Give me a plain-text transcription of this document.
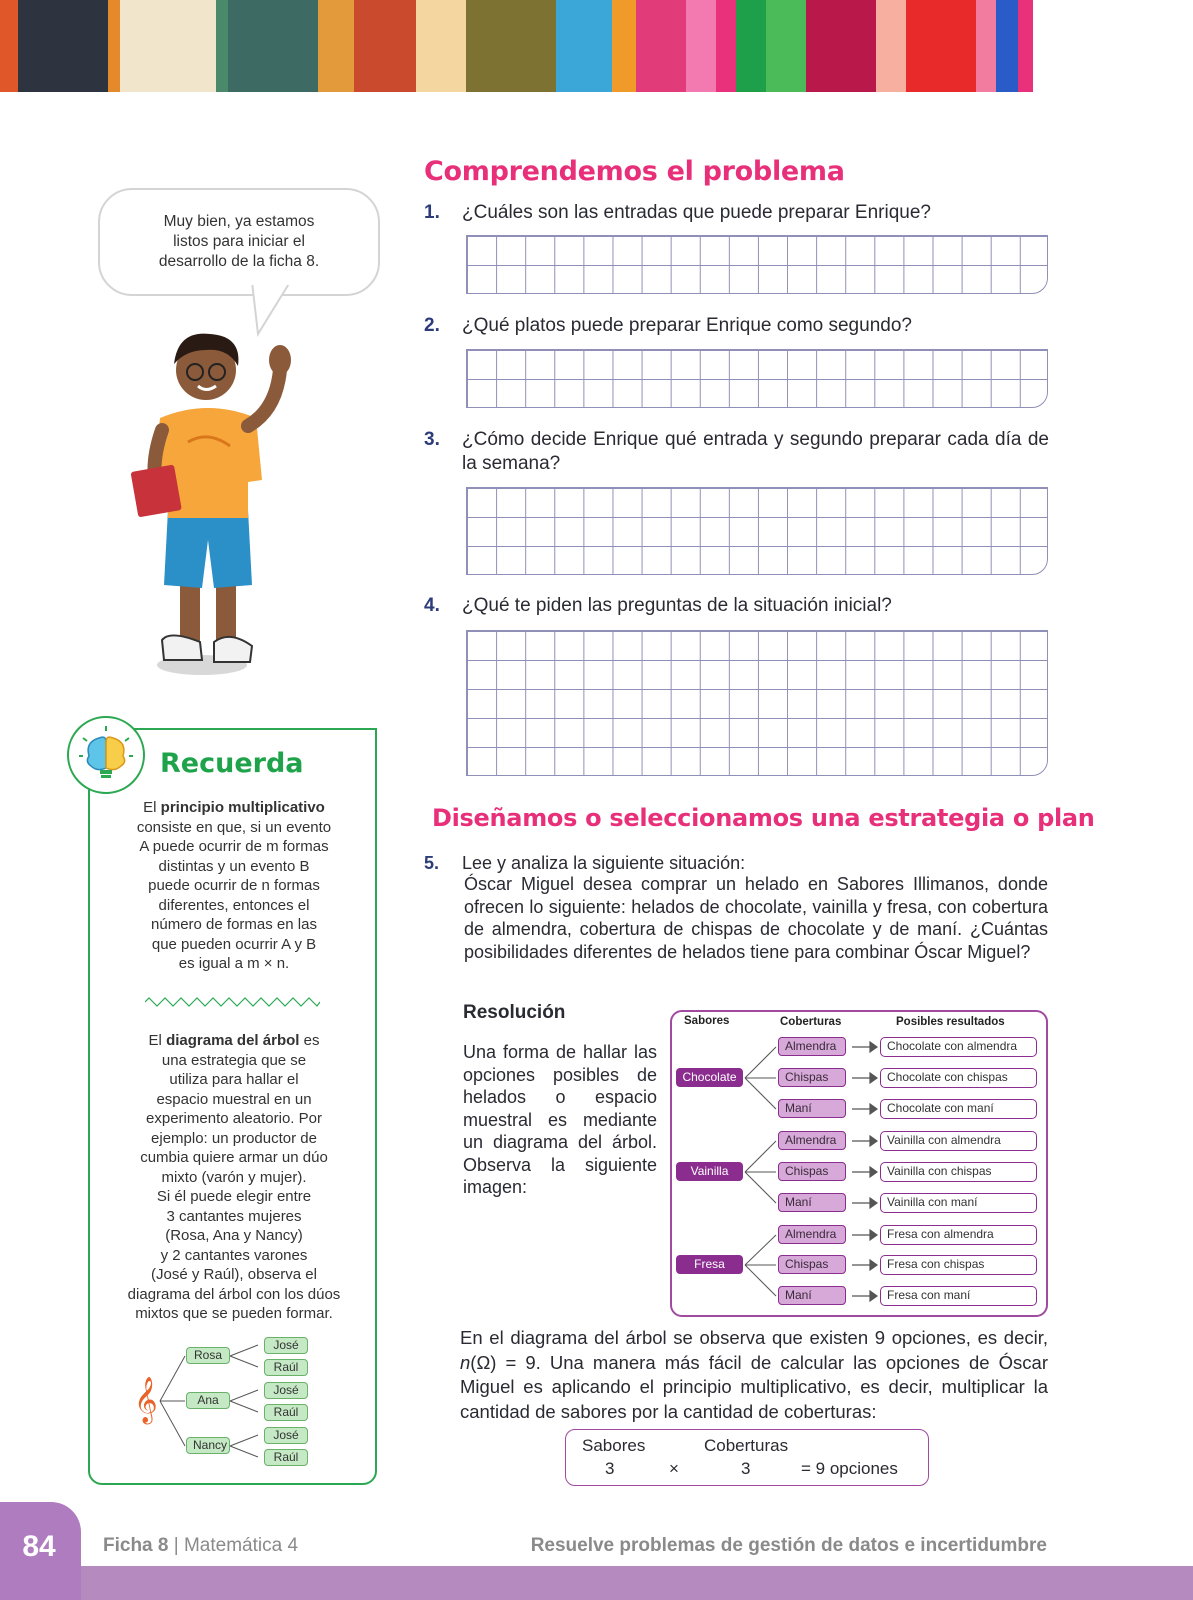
Muy bien, ya estamos
listos para iniciar el
desarrollo de la ficha 8.
Recuerda
El principio multiplicativo
consiste en que, si un evento
A puede ocurrir de m formas
distintas y un evento B
puede ocurrir de n formas
diferentes, entonces el
número de formas en las
que pueden ocurrir A y B
es igual a m × n.
El diagrama del árbol es
una estrategia que se
utiliza para hallar el
espacio muestral en un
experimento aleatorio. Por
ejemplo: un productor de
cumbia quiere armar un dúo
mixto (varón y mujer).
Si él puede elegir entre
3 cantantes mujeres
(Rosa, Ana y Nancy)
y 2 cantantes varones
(José y Raúl), observa el
diagrama del árbol con los dúos
mixtos que se pueden formar.
𝄞
Rosa
Ana
Nancy
José
Raúl
José
Raúl
José
Raúl
Comprendemos el problema
1. ¿Cuáles son las entradas que puede preparar Enrique?
2. ¿Qué platos puede preparar Enrique como segundo?
3. ¿Cómo decide Enrique qué entrada y segundo preparar cada día de la semana?
4. ¿Qué te piden las preguntas de la situación inicial?
Diseñamos o seleccionamos una estrategia o plan
5. Lee y analiza la siguiente situación:
Óscar Miguel desea comprar un helado en Sabores Illimanos, donde ofrecen lo siguiente: helados de chocolate, vainilla y fresa, con cobertura de almendra, cobertura de chispas de chocolate y de maní. ¿Cuántas posibilidades diferentes de helados tiene para combinar Óscar Miguel?
Resolución
Una forma de hallar las opciones posibles de helados o espacio muestral es mediante un diagrama del árbol. Observa la siguiente imagen:
Sabores	Coberturas	Posibles resultados
Chocolate
Vainilla
Fresa
Almendra
Chispas
Maní
Almendra
Chispas
Maní
Almendra
Chispas
Maní
Chocolate con almendra
Chocolate con chispas
Chocolate con maní
Vainilla con almendra
Vainilla con chispas
Vainilla con maní
Fresa con almendra
Fresa con chispas
Fresa con maní
En el diagrama del árbol se observa que existen 9 opciones, es decir, n(Ω) = 9. Una manera más fácil de calcular las opciones de Óscar Miguel es aplicando el principio multiplicativo, es decir, multiplicar la cantidad de sabores por la cantidad de coberturas:
Sabores	Coberturas
3	×	3	= 9 opciones
84	Ficha 8 | Matemática 4	Resuelve problemas de gestión de datos e incertidumbre
